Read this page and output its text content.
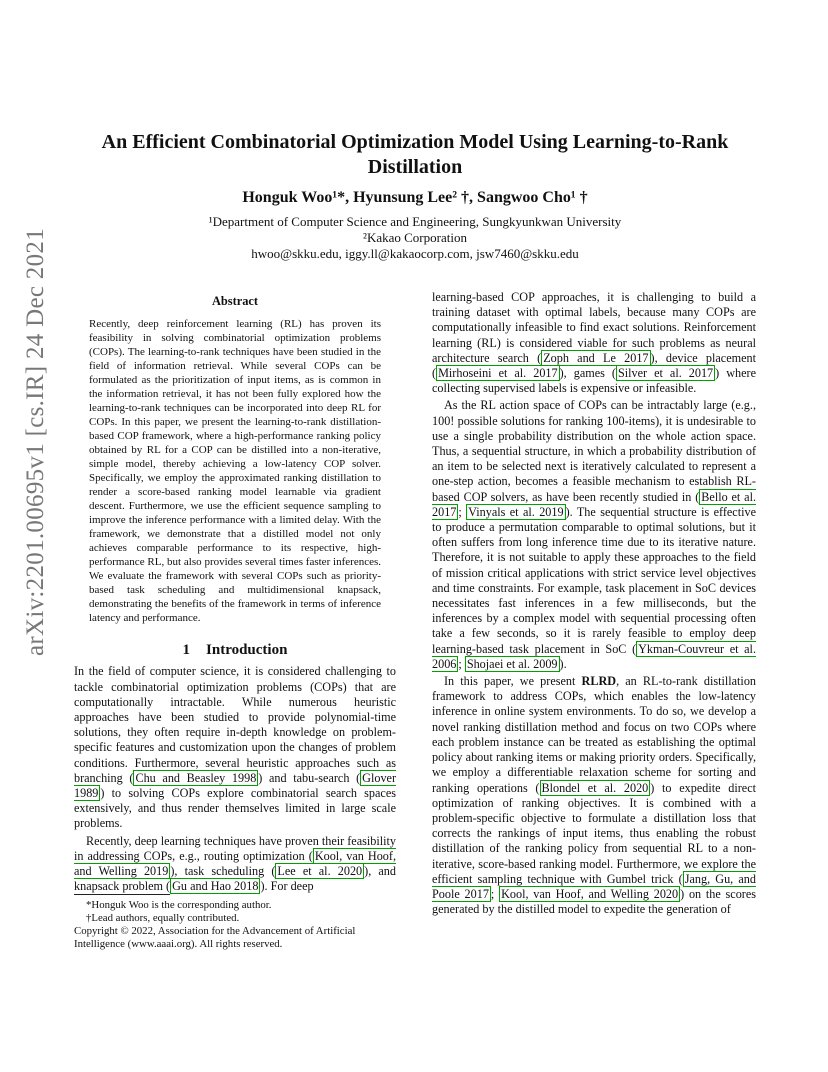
arXiv:2201.00695v1 [cs.IR] 24 Dec 2021
An Efficient Combinatorial Optimization Model Using Learning-to-Rank Distillation
Honguk Woo¹*, Hyunsung Lee² †, Sangwoo Cho¹ †
¹Department of Computer Science and Engineering, Sungkyunkwan University
²Kakao Corporation
hwoo@skku.edu, iggy.ll@kakaocorp.com, jsw7460@skku.edu
Abstract
Recently, deep reinforcement learning (RL) has proven its feasibility in solving combinatorial optimization problems (COPs). The learning-to-rank techniques have been studied in the field of information retrieval. While several COPs can be formulated as the prioritization of input items, as is common in the information retrieval, it has not been fully explored how the learning-to-rank techniques can be incorporated into deep RL for COPs. In this paper, we present the learning-to-rank distillation-based COP framework, where a high-performance ranking policy obtained by RL for a COP can be distilled into a non-iterative, simple model, thereby achieving a low-latency COP solver. Specifically, we employ the approximated ranking distillation to render a score-based ranking model learnable via gradient descent. Furthermore, we use the efficient sequence sampling to improve the inference performance with a limited delay. With the framework, we demonstrate that a distilled model not only achieves comparable performance to its respective, high-performance RL, but also provides several times faster inferences. We evaluate the framework with several COPs such as priority-based task scheduling and multidimensional knapsack, demonstrating the benefits of the framework in terms of inference latency and performance.
1 Introduction

In the field of computer science, it is considered challenging to tackle combinatorial optimization problems (COPs) that are computationally intractable. While numerous heuristic approaches have been studied to provide polynomial-time solutions, they often require in-depth knowledge on problem-specific features and customization upon the changes of problem conditions. Furthermore, several heuristic approaches such as branching ( Chu and Beasley 1998 ) and tabu-search ( Glover 1989 ) to solving COPs explore combinatorial search spaces extensively, and thus render themselves limited in large scale problems.

Recently, deep learning techniques have proven their feasibility in addressing COPs, e.g., routing optimization ( Kool, van Hoof, and Welling 2019 ), task scheduling ( Lee et al. 2020 ), and knapsack problem ( Gu and Hao 2018 ). For deep

*Honguk Woo is the corresponding author.
†Lead authors, equally contributed.
Copyright © 2022, Association for the Advancement of Artificial Intelligence (www.aaai.org). All rights reserved.

learning-based COP approaches, it is challenging to build a training dataset with optimal labels, because many COPs are computationally infeasible to find exact solutions. Reinforcement learning (RL) is considered viable for such problems as neural architecture search ( Zoph and Le 2017 ), device placement ( Mirhoseini et al. 2017 ), games ( Silver et al. 2017 ) where collecting supervised labels is expensive or infeasible.

As the RL action space of COPs can be intractably large (e.g., 100! possible solutions for ranking 100-items), it is undesirable to use a single probability distribution on the whole action space. Thus, a sequential structure, in which a probability distribution of an item to be selected next is iteratively calculated to represent a one-step action, becomes a feasible mechanism to establish RL-based COP solvers, as have been recently studied in ( Bello et al. 2017 ; Vinyals et al. 2019 ). The sequential structure is effective to produce a permutation comparable to optimal solutions, but it often suffers from long inference time due to its iterative nature. Therefore, it is not suitable to apply these approaches to the field of mission critical applications with strict service level objectives and time constraints. For example, task placement in SoC devices necessitates fast inferences in a few milliseconds, but the inferences by a complex model with sequential processing often take a few seconds, so it is rarely feasible to employ deep learning-based task placement in SoC ( Ykman-Couvreur et al. 2006 ; Shojaei et al. 2009 ).

In this paper, we present RLRD, an RL-to-rank distillation framework to address COPs, which enables the low-latency inference in online system environments. To do so, we develop a novel ranking distillation method and focus on two COPs where each problem instance can be treated as establishing the optimal policy about ranking items or making priority orders. Specifically, we employ a differentiable relaxation scheme for sorting and ranking operations ( Blondel et al. 2020 ) to expedite direct optimization of ranking objectives. It is combined with a problem-specific objective to formulate a distillation loss that corrects the rankings of input items, thus enabling the robust distillation of the ranking policy from sequential RL to a non-iterative, score-based ranking model. Furthermore, we explore the efficient sampling technique with Gumbel trick ( Jang, Gu, and Poole 2017 ; Kool, van Hoof, and Welling 2020 ) on the scores generated by the distilled model to expedite the generation of
